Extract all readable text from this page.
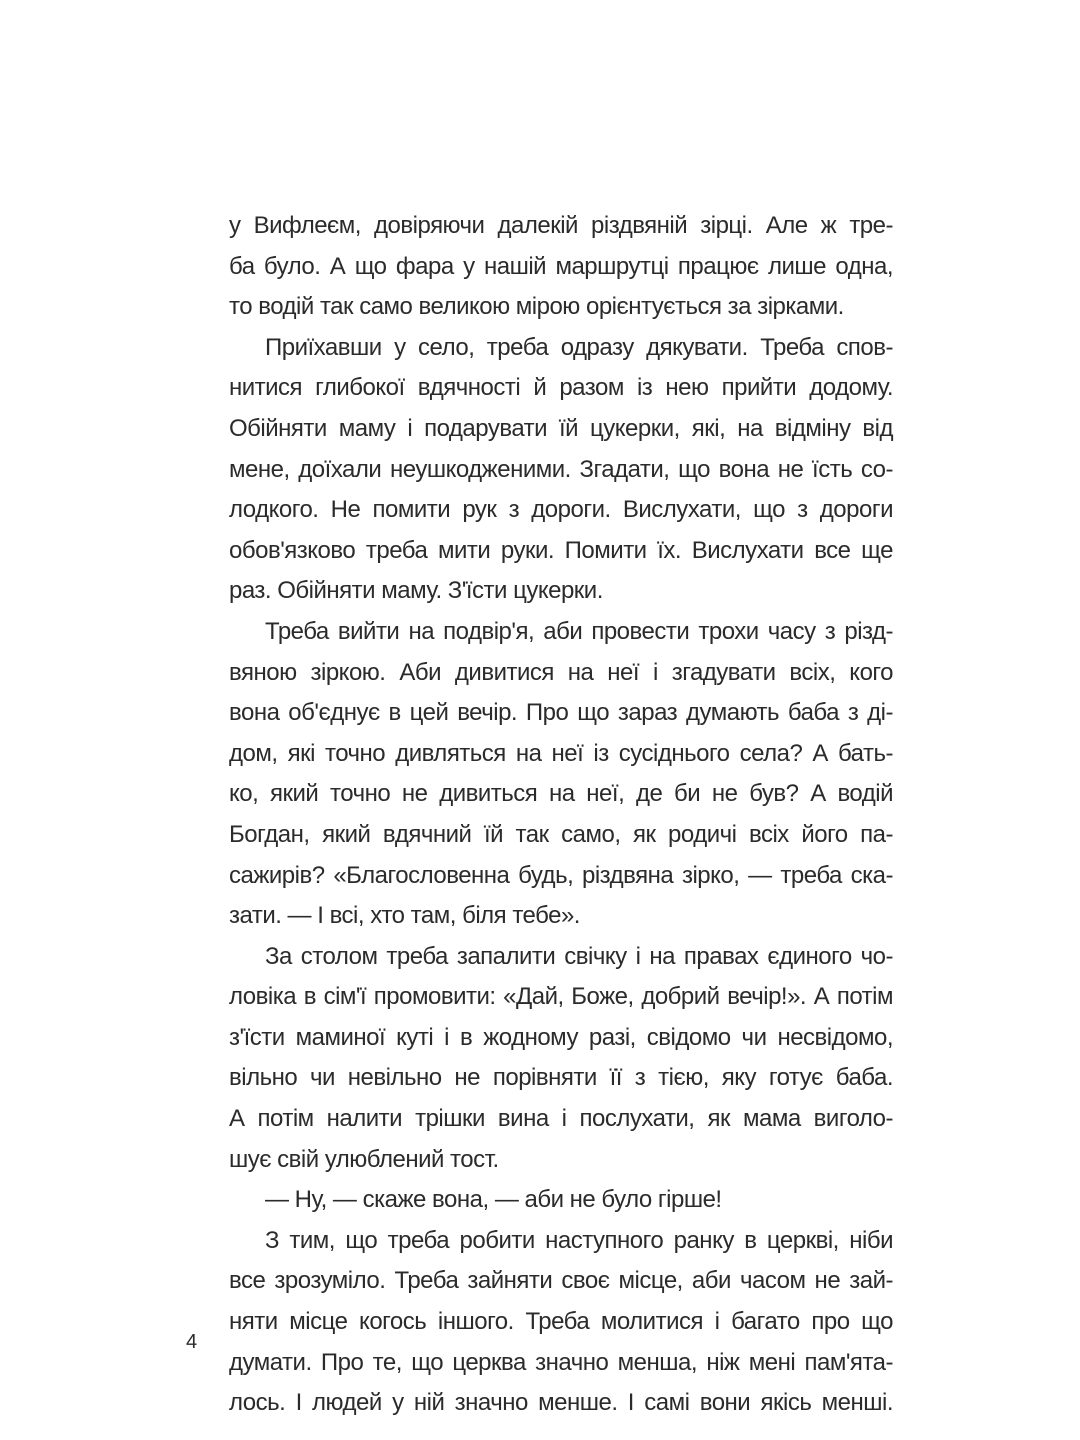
у Вифлеєм, довіряючи далекій різдвяній зірці. Але ж тре-
ба було. А що фара у нашій маршрутці працює лише одна,
то водій так само великою мірою орієнтується за зірками.
Приїхавши у село, треба одразу дякувати. Треба спов-
нитися глибокої вдячності й разом із нею прийти додому.
Обійняти маму і подарувати їй цукерки, які, на відміну від
мене, доїхали неушкодженими. Згадати, що вона не їсть со-
лодкого. Не помити рук з дороги. Вислухати, що з дороги
обов'язково треба мити руки. Помити їх. Вислухати все ще
раз. Обійняти маму. З'їсти цукерки.
Треба вийти на подвір'я, аби провести трохи часу з різд-
вяною зіркою. Аби дивитися на неї і згадувати всіх, кого
вона об'єднує в цей вечір. Про що зараз думають баба з ді-
дом, які точно дивляться на неї із сусіднього села? А бать-
ко, який точно не дивиться на неї, де би не був? А водій
Богдан, який вдячний їй так само, як родичі всіх його па-
сажирів? «Благословенна будь, різдвяна зірко, — треба ска-
зати. — І всі, хто там, біля тебе».
За столом треба запалити свічку і на правах єдиного чо-
ловіка в сім'ї промовити: «Дай, Боже, добрий вечір!». А потім
з'їсти маминої куті і в жодному разі, свідомо чи несвідомо,
вільно чи невільно не порівняти її з тією, яку готує баба.
А потім налити трішки вина і послухати, як мама виголо-
шує свій улюблений тост.
— Ну, — скаже вона, — аби не було гірше!
З тим, що треба робити наступного ранку в церкві, ніби
все зрозуміло. Треба зайняти своє місце, аби часом не зай-
няти місце когось іншого. Треба молитися і багато про що
думати. Про те, що церква значно менша, ніж мені пам'ята-
лось. І людей у ній значно менше. І самі вони якісь менші.
4
